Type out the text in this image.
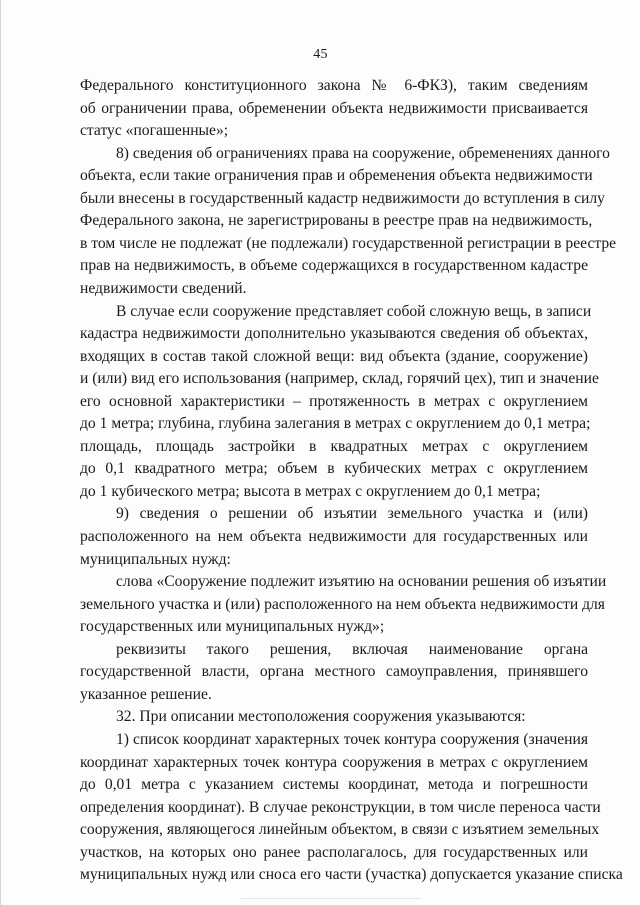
45
Федерального конституционного закона № 6-ФКЗ), таким сведениям
об ограничении права, обременении объекта недвижимости присваивается
статус «погашенные»;
8) сведения об ограничениях права на сооружение, обременениях данного
объекта, если такие ограничения прав и обременения объекта недвижимости
были внесены в государственный кадастр недвижимости до вступления в силу
Федерального закона, не зарегистрированы в реестре прав на недвижимость,
в том числе не подлежат (не подлежали) государственной регистрации в реестре
прав на недвижимость, в объеме содержащихся в государственном кадастре
недвижимости сведений.
В случае если сооружение представляет собой сложную вещь, в записи
кадастра недвижимости дополнительно указываются сведения об объектах,
входящих в состав такой сложной вещи: вид объекта (здание, сооружение)
и (или) вид его использования (например, склад, горячий цех), тип и значение
его основной характеристики – протяженность в метрах с округлением
до 1 метра; глубина, глубина залегания в метрах с округлением до 0,1 метра;
площадь, площадь застройки в квадратных метрах с округлением
до 0,1 квадратного метра; объем в кубических метрах с округлением
до 1 кубического метра; высота в метрах с округлением до 0,1 метра;
9) сведения о решении об изъятии земельного участка и (или)
расположенного на нем объекта недвижимости для государственных или
муниципальных нужд:
слова «Сооружение подлежит изъятию на основании решения об изъятии
земельного участка и (или) расположенного на нем объекта недвижимости для
государственных или муниципальных нужд»;
реквизиты такого решения, включая наименование органа
государственной власти, органа местного самоуправления, принявшего
указанное решение.
32. При описании местоположения сооружения указываются:
1) список координат характерных точек контура сооружения (значения
координат характерных точек контура сооружения в метрах с округлением
до 0,01 метра с указанием системы координат, метода и погрешности
определения координат). В случае реконструкции, в том числе переноса части
сооружения, являющегося линейным объектом, в связи с изъятием земельных
участков, на которых оно ранее располагалось, для государственных или
муниципальных нужд или сноса его части (участка) допускается указание списка
